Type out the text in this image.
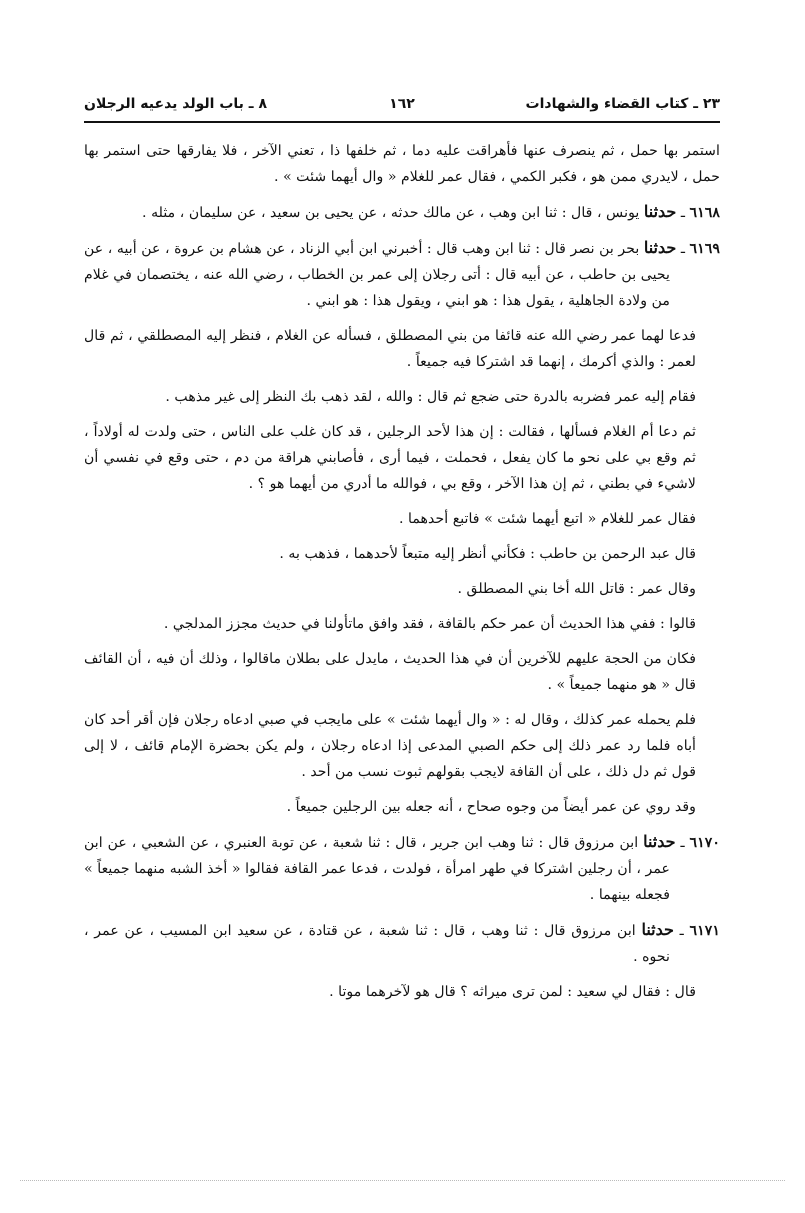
٢٣ ـ كتاب القضاء والشهادات
١٦٢
٨ ـ باب الولد يدعيه الرجلان

استمر بها حمل ، ثم ينصرف عنها فأهراقت عليه دما ، ثم خلفها ذا ، تعني الآخر ، فلا يفارقها حتى استمر بها حمل ، لايدري ممن هو ، فكبر الكمي ، فقال عمر للغلام « وال أيهما شئت » .

٦١٦٨ ـ حدثنا يونس ، قال : ثنا ابن وهب ، عن مالك حدثه ، عن يحيى بن سعيد ، عن سليمان ، مثله .

٦١٦٩ ـ حدثنا بحر بن نصر قال : ثنا ابن وهب قال : أخبرني ابن أبي الزناد ، عن هشام بن عروة ، عن أبيه ، عن يحيى بن حاطب ، عن أبيه قال : أتى رجلان إلى عمر بن الخطاب ، رضي الله عنه ، يختصمان في غلام من ولادة الجاهلية ، يقول هذا : هو ابني ، ويقول هذا : هو ابني .

فدعا لهما عمر رضي الله عنه قائفا من بني المصطلق ، فسأله عن الغلام ، فنظر إليه المصطلقي ، ثم قال لعمر : والذي أكرمك ، إنهما قد اشتركا فيه جميعاً .

فقام إليه عمر فضربه بالدرة حتى ضجع ثم قال : والله ، لقد ذهب بك النظر إلى غير مذهب .

ثم دعا أم الغلام فسألها ، فقالت : إن هذا لأحد الرجلين ، قد كان غلب على الناس ، حتى ولدت له أولاداً ، ثم وقع بي على نحو ما كان يفعل ، فحملت ، فيما أرى ، فأصابني هراقة من دم ، حتى وقع في نفسي أن لاشيء في بطني ، ثم إن هذا الآخر ، وقع بي ، فوالله ما أدري من أيهما هو ؟ .

فقال عمر للغلام « اتبع أيهما شئت » فاتبع أحدهما .

قال عبد الرحمن بن حاطب : فكأني أنظر إليه متبعاً لأحدهما ، فذهب به .

وقال عمر : قاتل الله أخا بني المصطلق .

قالوا : ففي هذا الحديث أن عمر حكم بالقافة ، فقد وافق ماتأولنا في حديث مجزز المدلجي .

فكان من الحجة عليهم للآخرين أن في هذا الحديث ، مايدل على بطلان ماقالوا ، وذلك أن فيه ، أن القائف قال « هو منهما جميعاً » .

فلم يحمله عمر كذلك ، وقال له : « وال أيهما شئت » على مايجب في صبي ادعاه رجلان فإن أقر أحد كان أباه فلما رد عمر ذلك إلى حكم الصبي المدعى إذا ادعاه رجلان ، ولم يكن بحضرة الإمام قائف ، لا إلى قول ثم دل ذلك ، على أن القافة لايجب بقولهم ثبوت نسب من أحد .

وقد روي عن عمر أيضاً من وجوه صحاح ، أنه جعله بين الرجلين جميعاً .

٦١٧٠ ـ حدثنا ابن مرزوق قال : ثنا وهب ابن جرير ، قال : ثنا شعبة ، عن توبة العنبري ، عن الشعبي ، عن ابن عمر ، أن رجلين اشتركا في طهر امرأة ، فولدت ، فدعا عمر القافة فقالوا « أخذ الشبه منهما جميعاً » فجعله بينهما .

٦١٧١ ـ حدثنا ابن مرزوق قال : ثنا وهب ، قال : ثنا شعبة ، عن قتادة ، عن سعيد ابن المسيب ، عن عمر ، نحوه .

قال : فقال لي سعيد : لمن ترى ميراثه ؟ قال هو لآخرهما موتا .
